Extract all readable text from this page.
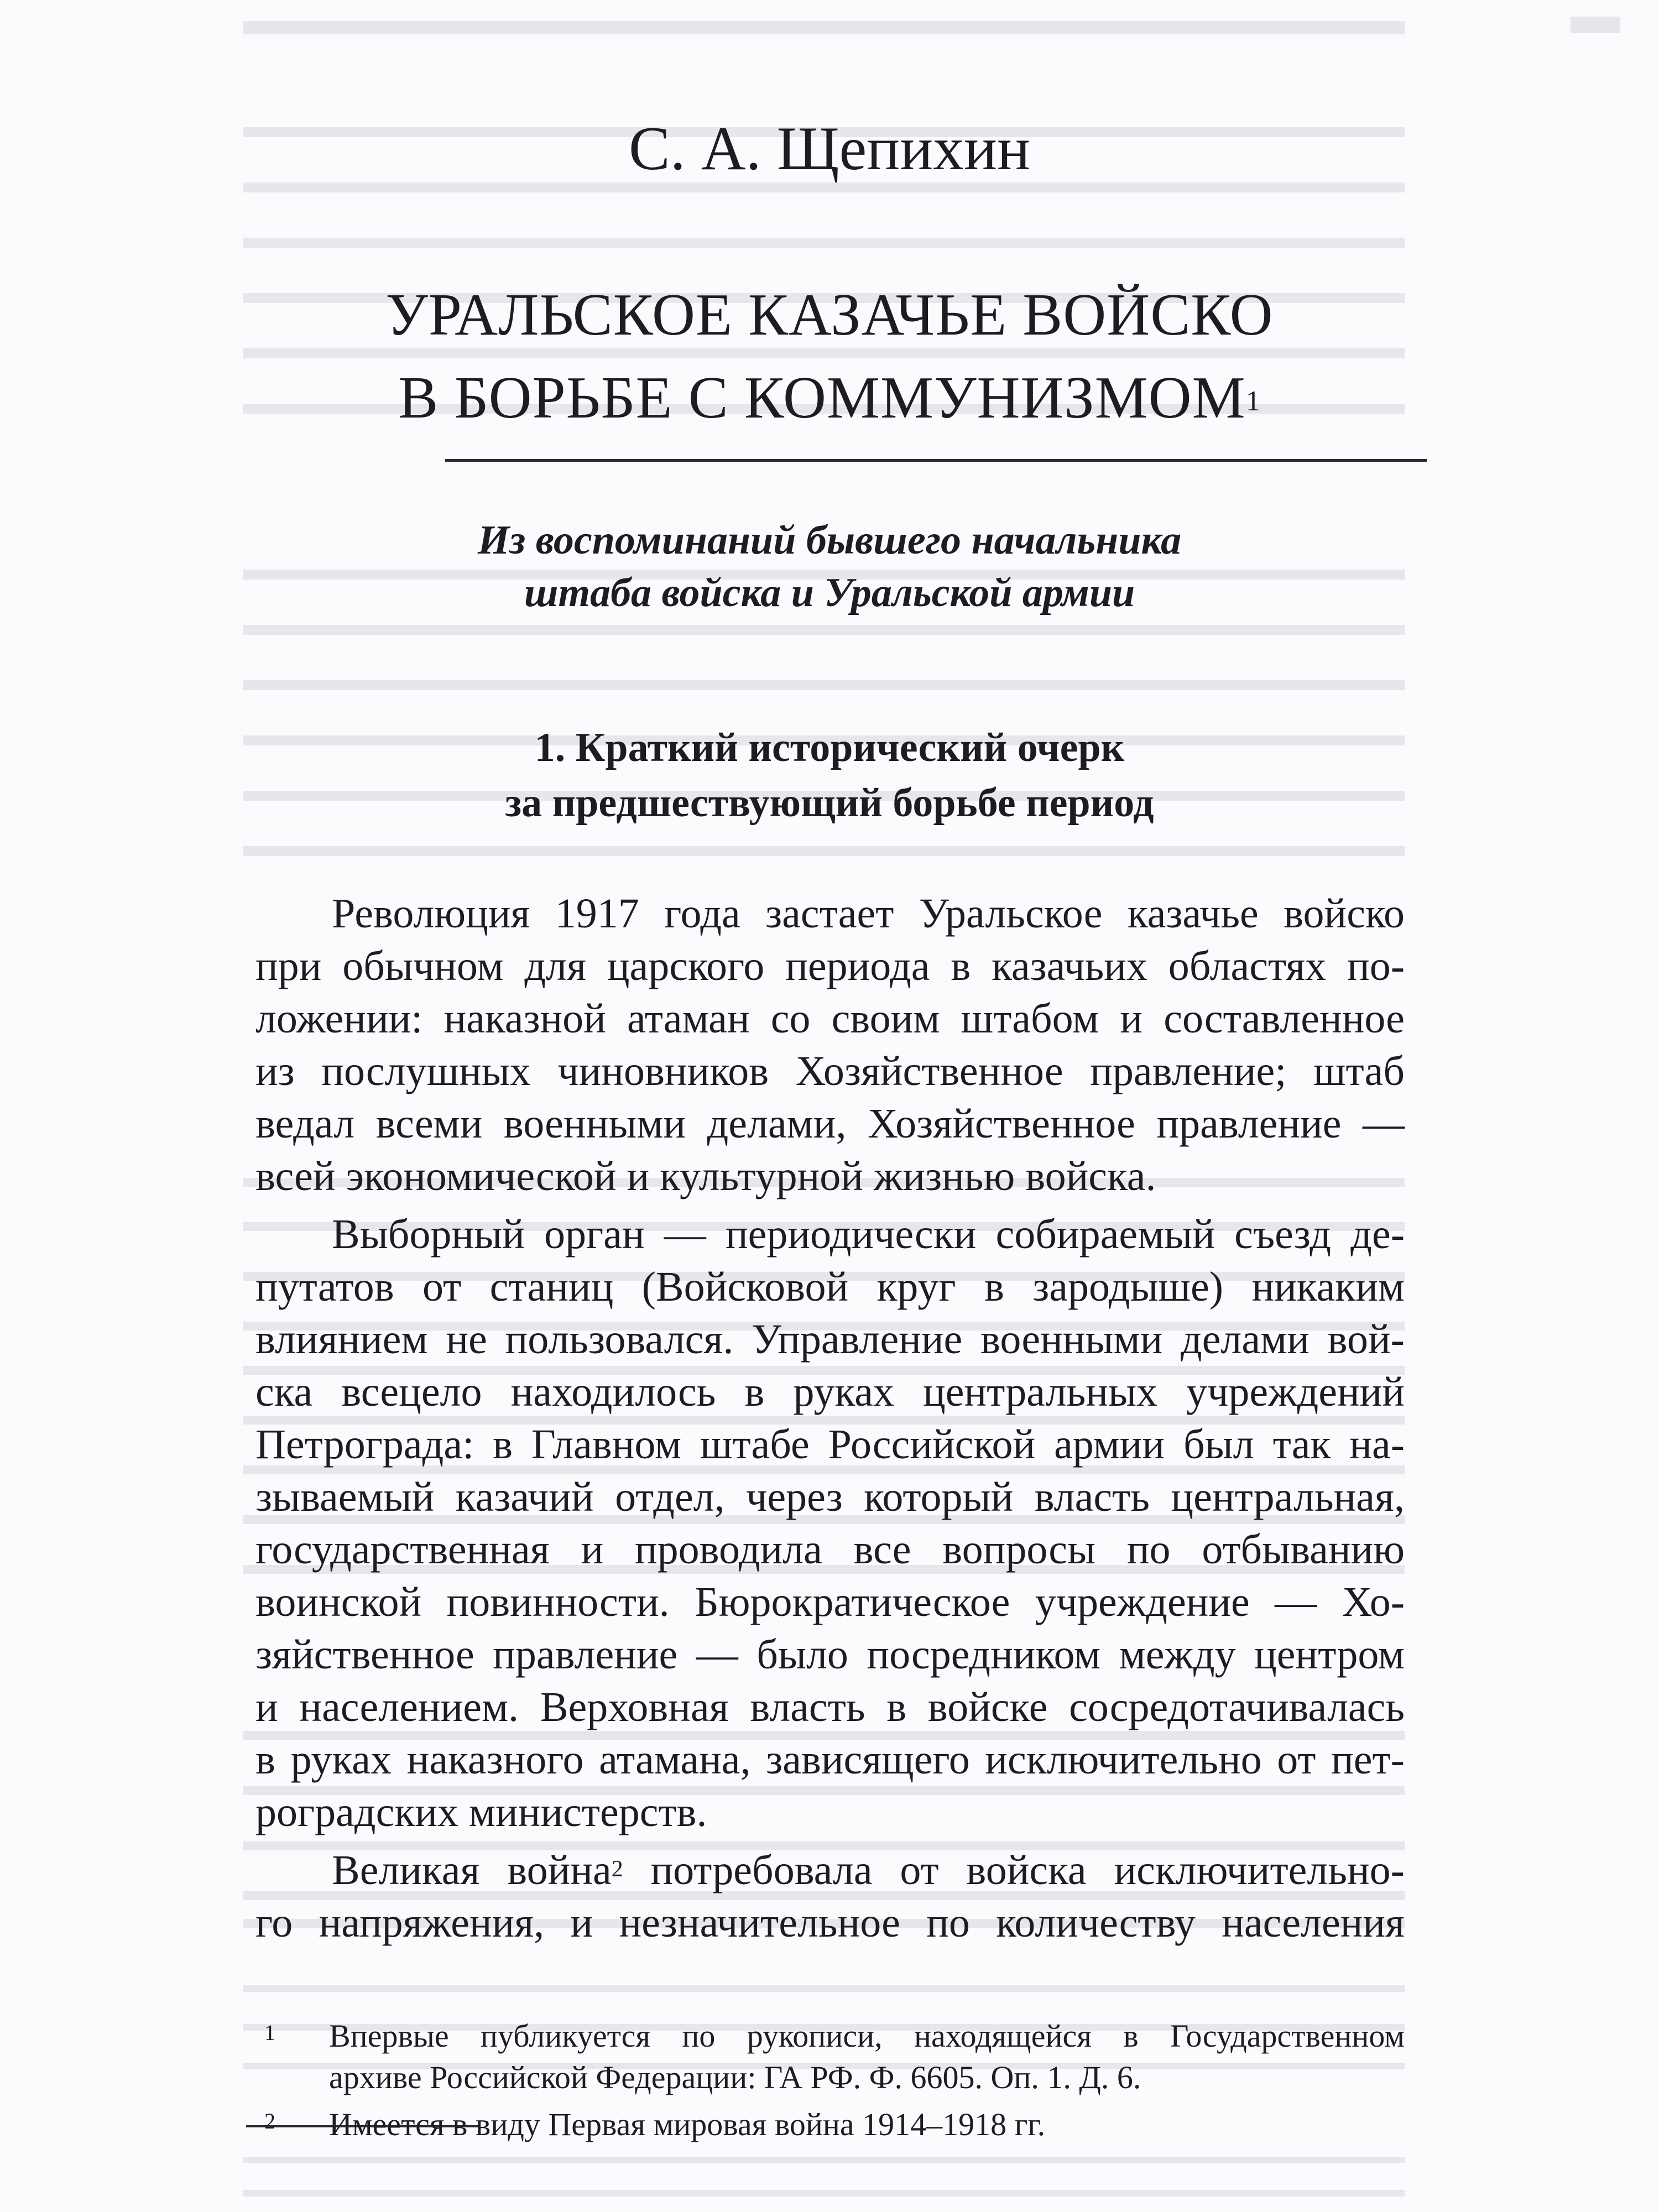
С. А. Щепихин
УРАЛЬСКОЕ КАЗАЧЬЕ ВОЙСКО
В БОРЬБЕ С КОММУНИЗМОМ$^1$
Из воспоминаний бывшего начальника
штаба войска и Уральской армии
1. Краткий исторический очерк
за предшествующий борьбе период
Революция 1917 года застает Уральское казачье войско
при обычном для царского периода в казачьих областях по-
ложении: наказной атаман со своим штабом и составленное
из послушных чиновников Хозяйственное правление; штаб
ведал всеми военными делами, Хозяйственное правление —
всей экономической и культурной жизнью войска.
Выборный орган — периодически собираемый съезд де-
путатов от станиц (Войсковой круг в зародыше) никаким
влиянием не пользовался. Управление военными делами вой-
ска всецело находилось в руках центральных учреждений
Петрограда: в Главном штабе Российской армии был так на-
зываемый казачий отдел, через который власть центральная,
государственная и проводила все вопросы по отбыванию
воинской повинности. Бюрократическое учреждение — Хо-
зяйственное правление — было посредником между центром
и населением. Верховная власть в войске сосредотачивалась
в руках наказного атамана, зависящего исключительно от пет-
роградских министерств.
Великая война$^2$ потребовала от войска исключительно-
го напряжения, и незначительное по количеству населения
1 Впервые публикуется по рукописи, находящейся в Государственном
архиве Российской Федерации: ГА РФ. Ф. 6605. Оп. 1. Д. 6.
2 Имеется в виду Первая мировая война 1914–1918 гг.
